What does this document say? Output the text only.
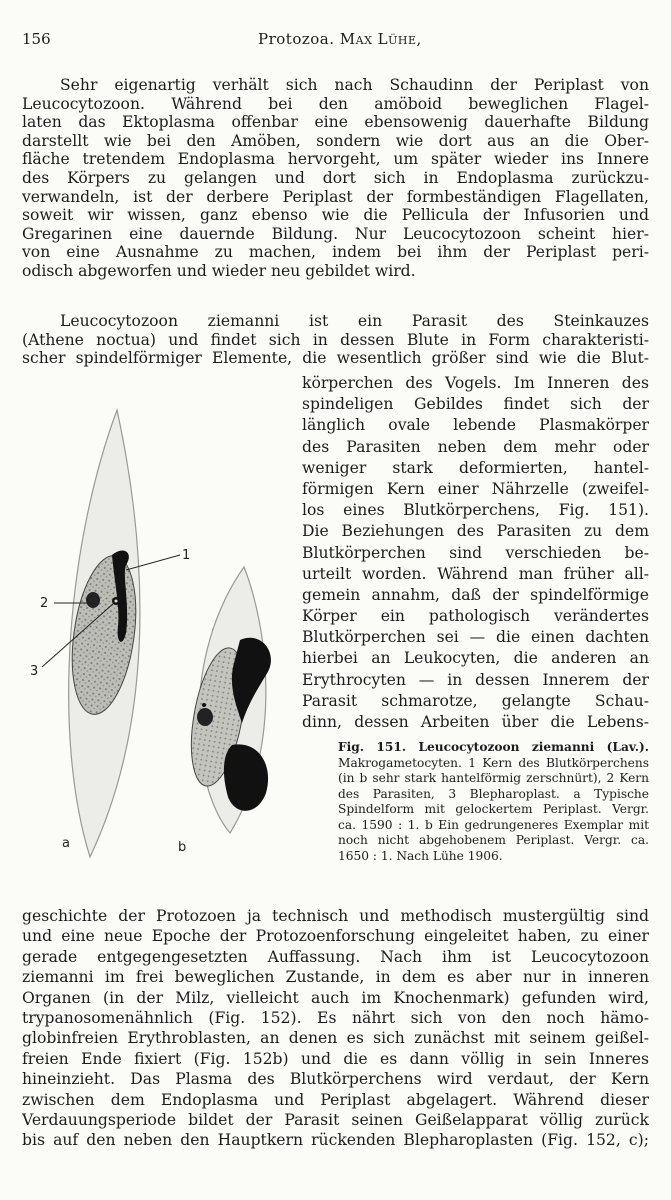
156	Protozoa. Max Lühe,
Sehr eigenartig verhält sich nach Schaudinn der Periplast von
Leucocytozoon. Während bei den amöboid beweglichen Flagel-
laten das Ektoplasma offenbar eine ebensowenig dauerhafte Bildung
darstellt wie bei den Amöben, sondern wie dort aus an die Ober-
fläche tretendem Endoplasma hervorgeht, um später wieder ins Innere
des Körpers zu gelangen und dort sich in Endoplasma zurückzu-
verwandeln, ist der derbere Periplast der formbeständigen Flagellaten,
soweit wir wissen, ganz ebenso wie die Pellicula der Infusorien und
Gregarinen eine dauernde Bildung. Nur Leucocytozoon scheint hier-
von eine Ausnahme zu machen, indem bei ihm der Periplast peri-
odisch abgeworfen und wieder neu gebildet wird.
Leucocytozoon ziemanni ist ein Parasit des Steinkauzes
(Athene noctua) und findet sich in dessen Blute in Form charakteristi-
scher spindelförmiger Elemente, die wesentlich größer sind wie die Blut-
körperchen des Vogels. Im Inneren des
spindeligen Gebildes findet sich der
länglich ovale lebende Plasmakörper
des Parasiten neben dem mehr oder
weniger stark deformierten, hantel-
förmigen Kern einer Nährzelle (zweifel-
los eines Blutkörperchens, Fig. 151).
Die Beziehungen des Parasiten zu dem
Blutkörperchen sind verschieden be-
urteilt worden. Während man früher all-
gemein annahm, daß der spindelförmige
Körper ein pathologisch verändertes
Blutkörperchen sei — die einen dachten
hierbei an Leukocyten, die anderen an
Erythrocyten — in dessen Innerem der
Parasit schmarotze, gelangte Schau-
dinn, dessen Arbeiten über die Lebens-
1
2
3
a	b
Fig. 151. Leucocytozoon ziemanni (Lav.).
Makrogametocyten. 1 Kern des Blutkörperchens
(in b sehr stark hantelförmig zerschnürt), 2 Kern
des Parasiten, 3 Blepharoplast. a Typische
Spindelform mit gelockertem Periplast. Vergr.
ca. 1590 : 1. b Ein gedrungeneres Exemplar mit
noch nicht abgehobenem Periplast. Vergr. ca.
1650 : 1. Nach Lühe 1906.
geschichte der Protozoen ja technisch und methodisch mustergültig sind
und eine neue Epoche der Protozoenforschung eingeleitet haben, zu einer
gerade entgegengesetzten Auffassung. Nach ihm ist Leucocytozoon
ziemanni im frei beweglichen Zustande, in dem es aber nur in inneren
Organen (in der Milz, vielleicht auch im Knochenmark) gefunden wird,
trypanosomenähnlich (Fig. 152). Es nährt sich von den noch hämo-
globinfreien Erythroblasten, an denen es sich zunächst mit seinem geißel-
freien Ende fixiert (Fig. 152b) und die es dann völlig in sein Inneres
hineinzieht. Das Plasma des Blutkörperchens wird verdaut, der Kern
zwischen dem Endoplasma und Periplast abgelagert. Während dieser
Verdauungsperiode bildet der Parasit seinen Geißelapparat völlig zurück
bis auf den neben den Hauptkern rückenden Blepharoplasten (Fig. 152, c);
